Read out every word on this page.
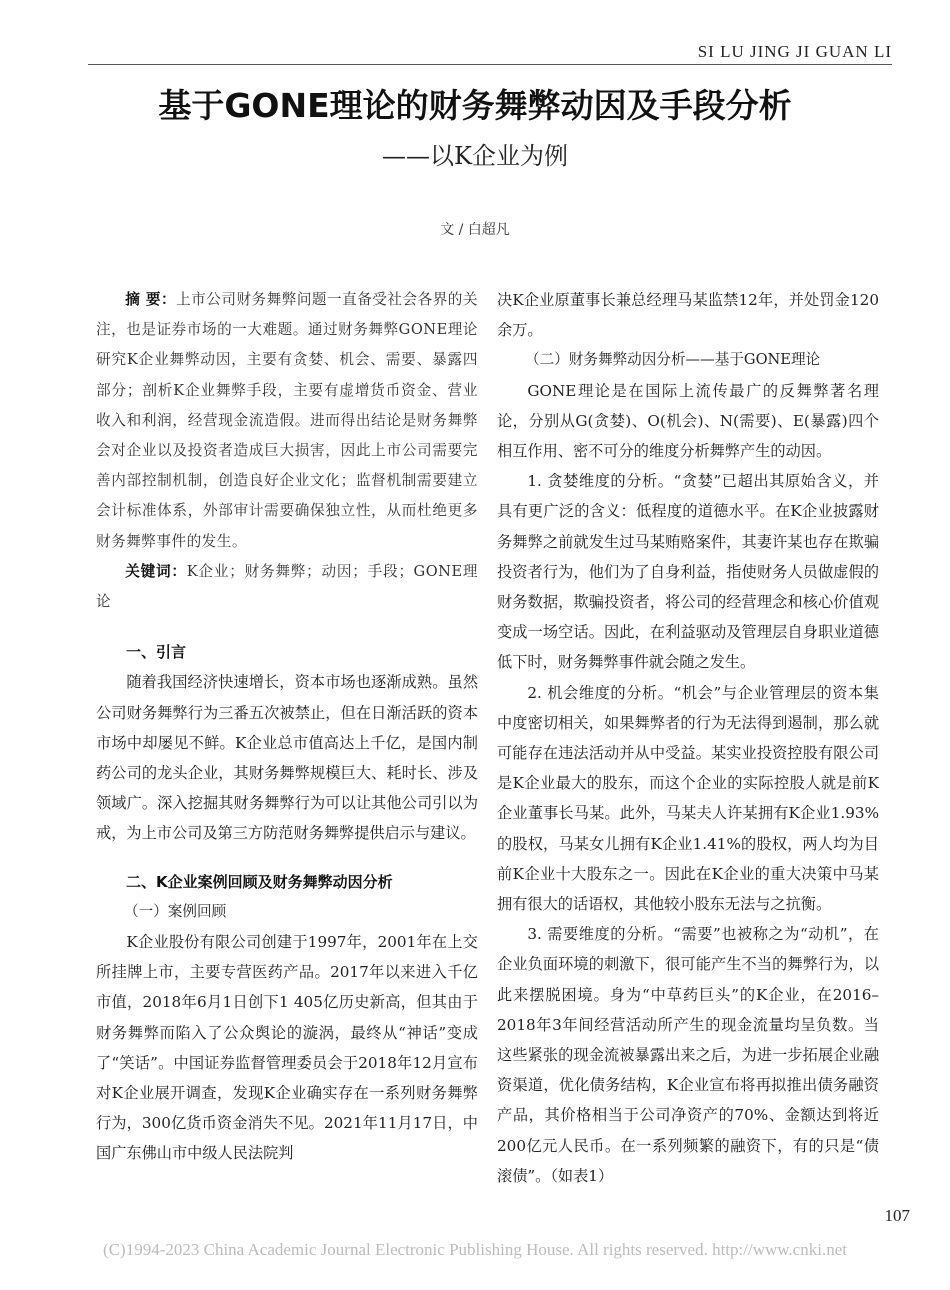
SI LU JING JI GUAN LI
基于GONE理论的财务舞弊动因及手段分析
——以K企业为例
文 / 白超凡

摘 要：上市公司财务舞弊问题一直备受社会各界的关注，也是证券市场的一大难题。通过财务舞弊GONE理论研究K企业舞弊动因，主要有贪婪、机会、需要、暴露四部分；剖析K企业舞弊手段，主要有虚增货币资金、营业收入和利润，经营现金流造假。进而得出结论是财务舞弊会对企业以及投资者造成巨大损害，因此上市公司需要完善内部控制机制，创造良好企业文化；监督机制需要建立会计标准体系，外部审计需要确保独立性，从而杜绝更多财务舞弊事件的发生。

关键词：K企业；财务舞弊；动因；手段；GONE理论

一、引言

随着我国经济快速增长，资本市场也逐渐成熟。虽然公司财务舞弊行为三番五次被禁止，但在日渐活跃的资本市场中却屡见不鲜。K企业总市值高达上千亿，是国内制药公司的龙头企业，其财务舞弊规模巨大、耗时长、涉及领域广。深入挖掘其财务舞弊行为可以让其他公司引以为戒，为上市公司及第三方防范财务舞弊提供启示与建议。

二、K企业案例回顾及财务舞弊动因分析
（一）案例回顾

K企业股份有限公司创建于1997年，2001年在上交所挂牌上市，主要专营医药产品。2017年以来进入千亿市值，2018年6月1日创下1 405亿历史新高，但其由于财务舞弊而陷入了公众舆论的漩涡，最终从“神话”变成了“笑话”。中国证券监督管理委员会于2018年12月宣布对K企业展开调查，发现K企业确实存在一系列财务舞弊行为，300亿货币资金消失不见。2021年11月17日，中国广东佛山市中级人民法院判

决K企业原董事长兼总经理马某监禁12年，并处罚金120余万。

（二）财务舞弊动因分析——基于GONE理论

GONE理论是在国际上流传最广的反舞弊著名理论，分别从G(贪婪)、O(机会)、N(需要)、E(暴露)四个相互作用、密不可分的维度分析舞弊产生的动因。

1. 贪婪维度的分析。“贪婪”已超出其原始含义，并具有更广泛的含义：低程度的道德水平。在K企业披露财务舞弊之前就发生过马某贿赂案件，其妻许某也存在欺骗投资者行为，他们为了自身利益，指使财务人员做虚假的财务数据，欺骗投资者，将公司的经营理念和核心价值观变成一场空话。因此，在利益驱动及管理层自身职业道德低下时，财务舞弊事件就会随之发生。

2. 机会维度的分析。“机会”与企业管理层的资本集中度密切相关，如果舞弊者的行为无法得到遏制，那么就可能存在违法活动并从中受益。某实业投资控股有限公司是K企业最大的股东，而这个企业的实际控股人就是前K企业董事长马某。此外，马某夫人许某拥有K企业1.93%的股权，马某女儿拥有K企业1.41%的股权，两人均为目前K企业十大股东之一。因此在K企业的重大决策中马某拥有很大的话语权，其他较小股东无法与之抗衡。

3. 需要维度的分析。“需要”也被称之为“动机”，在企业负面环境的刺激下，很可能产生不当的舞弊行为，以此来摆脱困境。身为“中草药巨头”的K企业，在2016–2018年3年间经营活动所产生的现金流量均呈负数。当这些紧张的现金流被暴露出来之后，为进一步拓展企业融资渠道，优化债务结构，K企业宣布将再拟推出债务融资产品，其价格相当于公司净资产的70%、金额达到将近200亿元人民币。在一系列频繁的融资下，有的只是“债滚债”。（如表1）

107
(C)1994-2023 China Academic Journal Electronic Publishing House. All rights reserved. http://www.cnki.net
